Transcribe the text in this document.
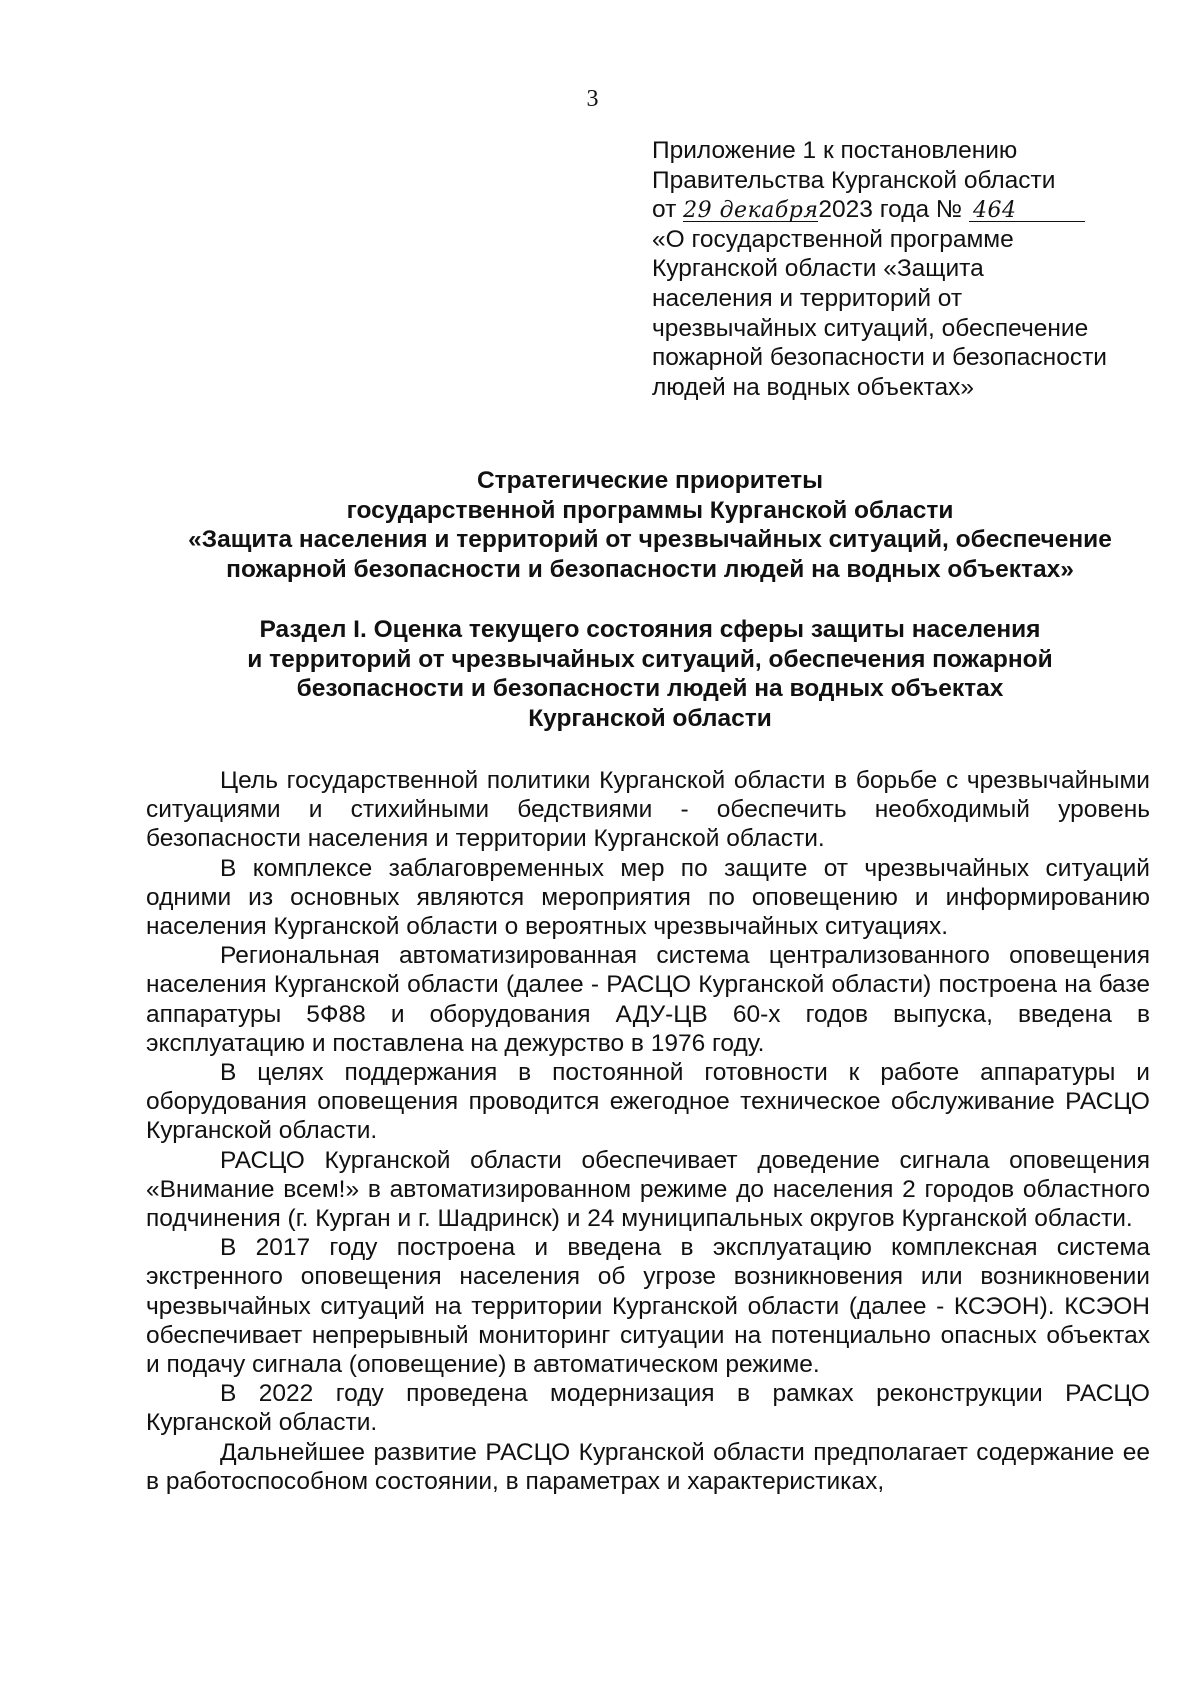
3
Приложение 1 к постановлению
Правительства Курганской области
от 29 декабря2023 года № 464
«О государственной программе
Курганской области «Защита
населения и территорий от
чрезвычайных ситуаций, обеспечение
пожарной безопасности и безопасности
людей на водных объектах»
Стратегические приоритеты
государственной программы Курганской области
«Защита населения и территорий от чрезвычайных ситуаций, обеспечение
пожарной безопасности и безопасности людей на водных объектах»
Раздел I. Оценка текущего состояния сферы защиты населения
и территорий от чрезвычайных ситуаций, обеспечения пожарной
безопасности и безопасности людей на водных объектах
Курганской области

Цель государственной политики Курганской области в борьбе с чрезвычайными ситуациями и стихийными бедствиями - обеспечить необходимый уровень безопасности населения и территории Курганской области.

В комплексе заблаговременных мер по защите от чрезвычайных ситуаций одними из основных являются мероприятия по оповещению и информированию населения Курганской области о вероятных чрезвычайных ситуациях.

Региональная автоматизированная система централизованного оповещения населения Курганской области (далее - РАСЦО Курганской области) построена на базе аппаратуры 5Ф88 и оборудования АДУ-ЦВ 60-х годов выпуска, введена в эксплуатацию и поставлена на дежурство в 1976 году.

В целях поддержания в постоянной готовности к работе аппаратуры и оборудования оповещения проводится ежегодное техническое обслуживание РАСЦО Курганской области.

РАСЦО Курганской области обеспечивает доведение сигнала оповещения «Внимание всем!» в автоматизированном режиме до населения 2 городов областного подчинения (г. Курган и г. Шадринск) и 24 муниципальных округов Курганской области.

В 2017 году построена и введена в эксплуатацию комплексная система экстренного оповещения населения об угрозе возникновения или возникновении чрезвычайных ситуаций на территории Курганской области (далее - КСЭОН). КСЭОН обеспечивает непрерывный мониторинг ситуации на потенциально опасных объектах и подачу сигнала (оповещение) в автоматическом режиме.

В 2022 году проведена модернизация в рамках реконструкции РАСЦО Курганской области.

Дальнейшее развитие РАСЦО Курганской области предполагает содержание ее в работоспособном состоянии, в параметрах и характеристиках,
